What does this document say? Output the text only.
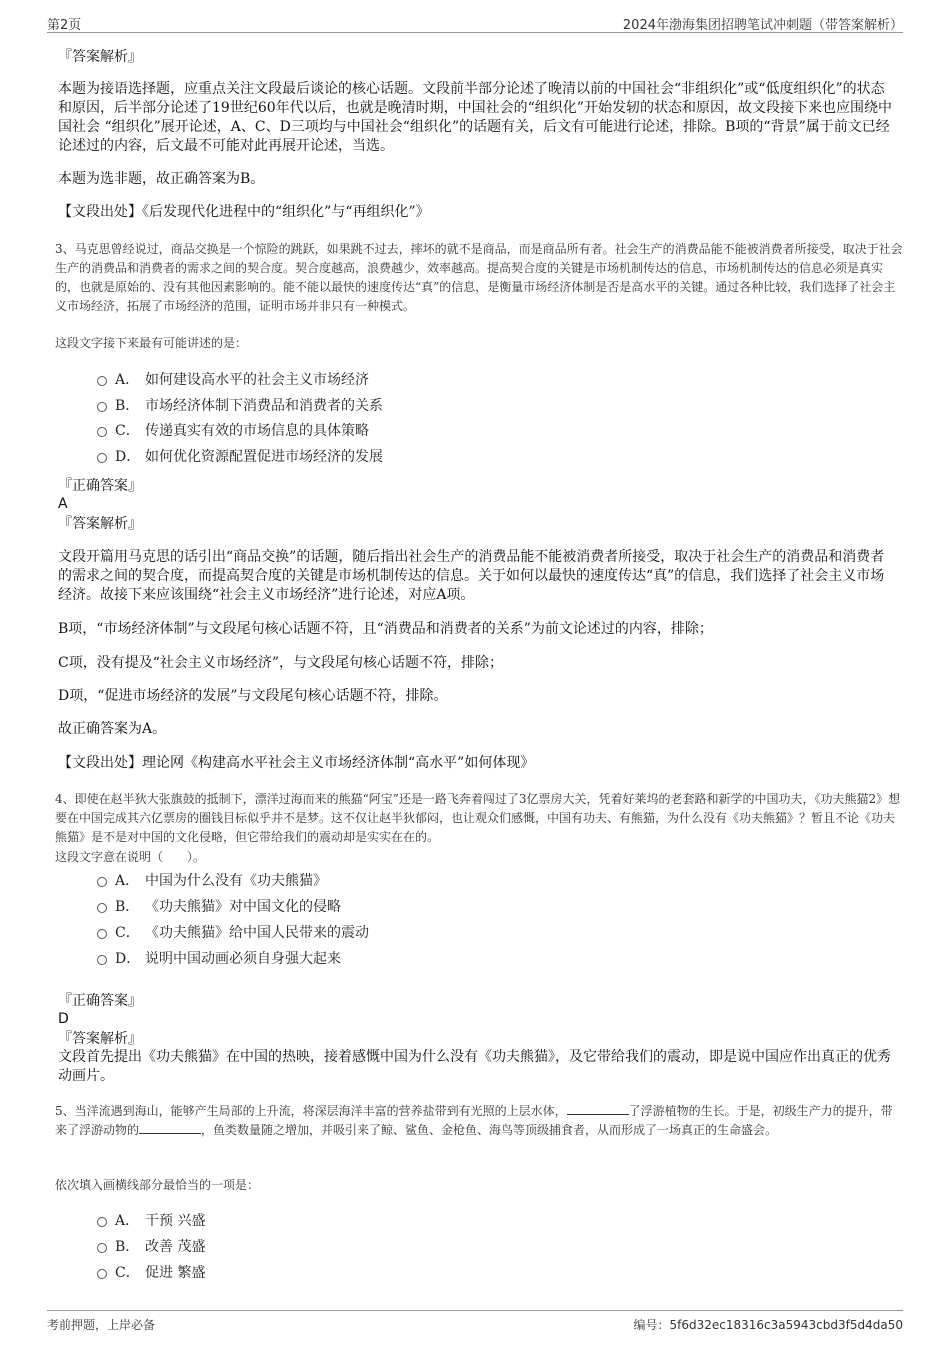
第2页	2024年渤海集团招聘笔试冲刺题（带答案解析）
『答案解析』
本题为接语选择题，应重点关注文段最后谈论的核心话题。文段前半部分论述了晚清以前的中国社会“非组织化”或“低度组织化”的状态和原因，后半部分论述了19世纪60年代以后，也就是晚清时期，中国社会的“组织化”开始发轫的状态和原因，故文段接下来也应围绕中国社会 “组织化”展开论述，A、C、D三项均与中国社会“组织化”的话题有关，后文有可能进行论述，排除。B项的“背景”属于前文已经论述过的内容，后文最不可能对此再展开论述，当选。
本题为选非题，故正确答案为B。
【文段出处】《后发现代化进程中的“组织化”与“再组织化”》
3、马克思曾经说过，商品交换是一个惊险的跳跃，如果跳不过去，摔坏的就不是商品，而是商品所有者。社会生产的消费品能不能被消费者所接受，取决于社会生产的消费品和消费者的需求之间的契合度。契合度越高，浪费越少，效率越高。提高契合度的关键是市场机制传达的信息，市场机制传达的信息必须是真实的，也就是原始的、没有其他因素影响的。能不能以最快的速度传达“真”的信息，是衡量市场经济体制是否是高水平的关键。通过各种比较，我们选择了社会主义市场经济，拓展了市场经济的范围，证明市场并非只有一种模式。
这段文字接下来最有可能讲述的是：
A． 如何建设高水平的社会主义市场经济
B． 市场经济体制下消费品和消费者的关系
C． 传递真实有效的市场信息的具体策略
D． 如何优化资源配置促进市场经济的发展
『正确答案』
A
『答案解析』
文段开篇用马克思的话引出“商品交换”的话题，随后指出社会生产的消费品能不能被消费者所接受，取决于社会生产的消费品和消费者的需求之间的契合度，而提高契合度的关键是市场机制传达的信息。关于如何以最快的速度传达“真”的信息，我们选择了社会主义市场经济。故接下来应该围绕“社会主义市场经济”进行论述，对应A项。
B项，“市场经济体制”与文段尾句核心话题不符，且“消费品和消费者的关系”为前文论述过的内容，排除；
C项，没有提及“社会主义市场经济”，与文段尾句核心话题不符，排除；
D项，“促进市场经济的发展”与文段尾句核心话题不符，排除。
故正确答案为A。
【文段出处】理论网《构建高水平社会主义市场经济体制“高水平”如何体现》
4、即使在赵半狄大张旗鼓的抵制下，漂洋过海而来的熊猫“阿宝”还是一路飞奔着闯过了3亿票房大关，凭着好莱坞的老套路和新学的中国功夫，《功夫熊猫2》想要在中国完成其六亿票房的圈钱目标似乎并不是梦。这不仅让赵半狄郁闷，也让观众们感慨，中国有功夫、有熊猫，为什么没有《功夫熊猫》？暂且不论《功夫熊猫》是不是对中国的文化侵略，但它带给我们的震动却是实实在在的。
这段文字意在说明（　　）。
A． 中国为什么没有《功夫熊猫》
B． 《功夫熊猫》对中国文化的侵略
C． 《功夫熊猫》给中国人民带来的震动
D． 说明中国动画必须自身强大起来
『正确答案』
D
『答案解析』
文段首先提出《功夫熊猫》在中国的热映，接着感慨中国为什么没有《功夫熊猫》，及它带给我们的震动，即是说中国应作出真正的优秀动画片。
5、当洋流遇到海山，能够产生局部的上升流，将深层海洋丰富的营养盐带到有光照的上层水体，	了浮游植物的生长。于是，初级生产力的提升，带来了浮游动物的	，鱼类数量随之增加，并吸引来了鲸、鲨鱼、金枪鱼、海鸟等顶级捕食者，从而形成了一场真正的生命盛会。
依次填入画横线部分最恰当的一项是：
A． 干预 兴盛
B． 改善 茂盛
C． 促进 繁盛
考前押题，上岸必备	编号：5f6d32ec18316c3a5943cbd3f5d4da50
